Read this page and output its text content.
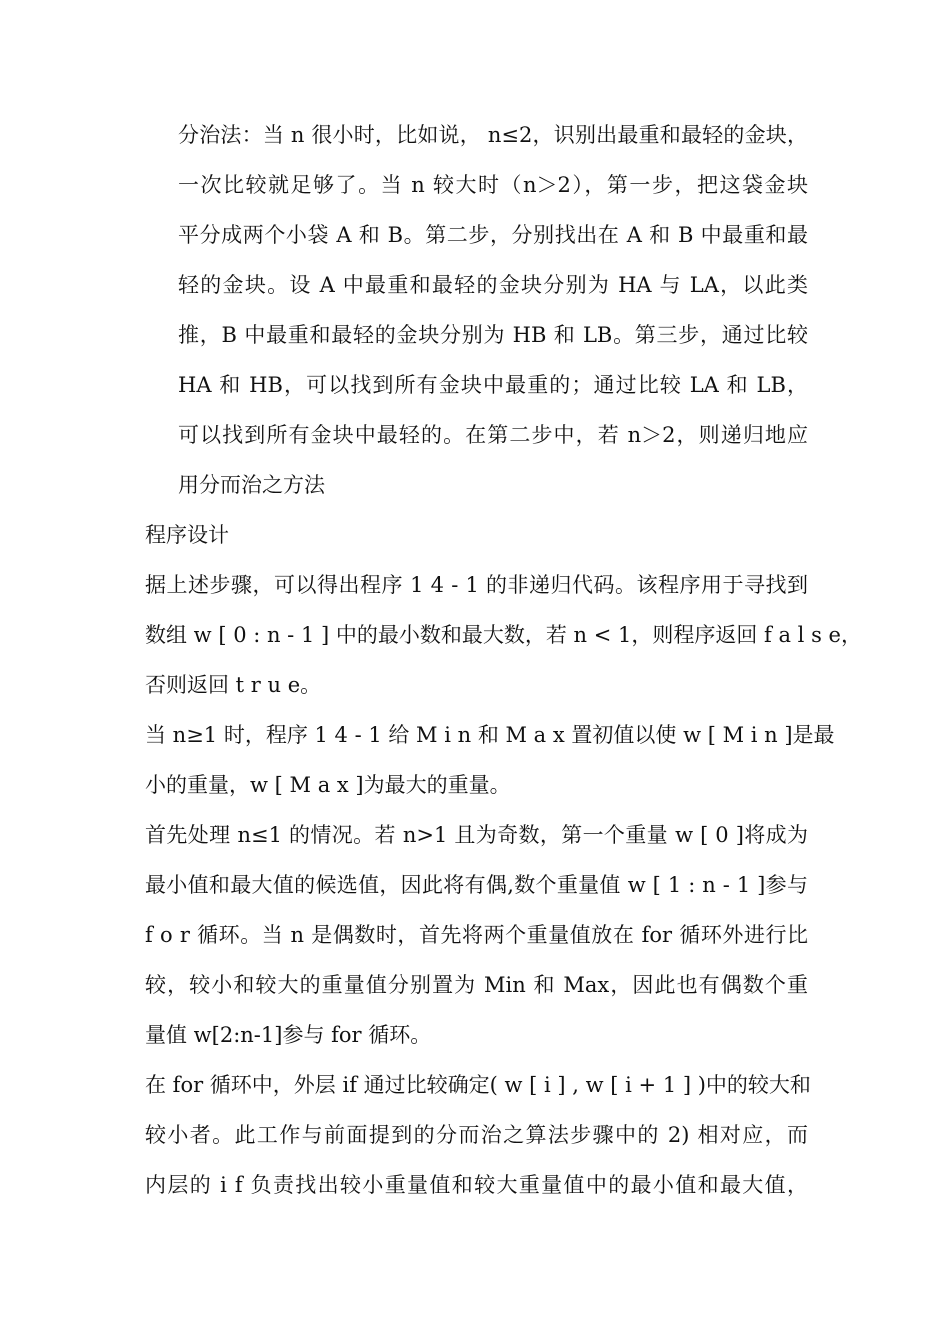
分治法：当 n 很小时，比如说， n≤2，识别出最重和最轻的金块，
一次比较就足够了。当 n 较大时（n＞2），第一步，把这袋金块
平分成两个小袋 A 和 B。第二步，分别找出在 A 和 B 中最重和最
轻的金块。设 A 中最重和最轻的金块分别为 HA 与 LA，以此类
推，B 中最重和最轻的金块分别为 HB 和 LB。第三步，通过比较
HA 和 HB，可以找到所有金块中最重的；通过比较 LA 和 LB，
可以找到所有金块中最轻的。在第二步中，若 n＞2，则递归地应
用分而治之方法
程序设计
据上述步骤，可以得出程序 1 4 - 1 的非递归代码。该程序用于寻找到
数组 w [ 0 : n - 1 ] 中的最小数和最大数，若 n < 1，则程序返回 f a l s e，
否则返回 t r u e。
当 n≥1 时，程序 1 4 - 1 给 M i n 和 M a x 置初值以使 w [ M i n ]是最
小的重量，w [ M a x ]为最大的重量。
首先处理 n≤1 的情况。若 n>1 且为奇数，第一个重量 w [ 0 ]将成为
最小值和最大值的候选值，因此将有偶,数个重量值 w [ 1 : n - 1 ]参与
f o r 循环。当 n 是偶数时，首先将两个重量值放在 for 循环外进行比
较，较小和较大的重量值分别置为 Min 和 Max，因此也有偶数个重
量值 w[2:n-1]参与 for 循环。
在 for 循环中，外层 if 通过比较确定( w [ i ] , w [ i + 1 ] )中的较大和
较小者。此工作与前面提到的分而治之算法步骤中的 2) 相对应，而
内层的 i f 负责找出较小重量值和较大重量值中的最小值和最大值，
